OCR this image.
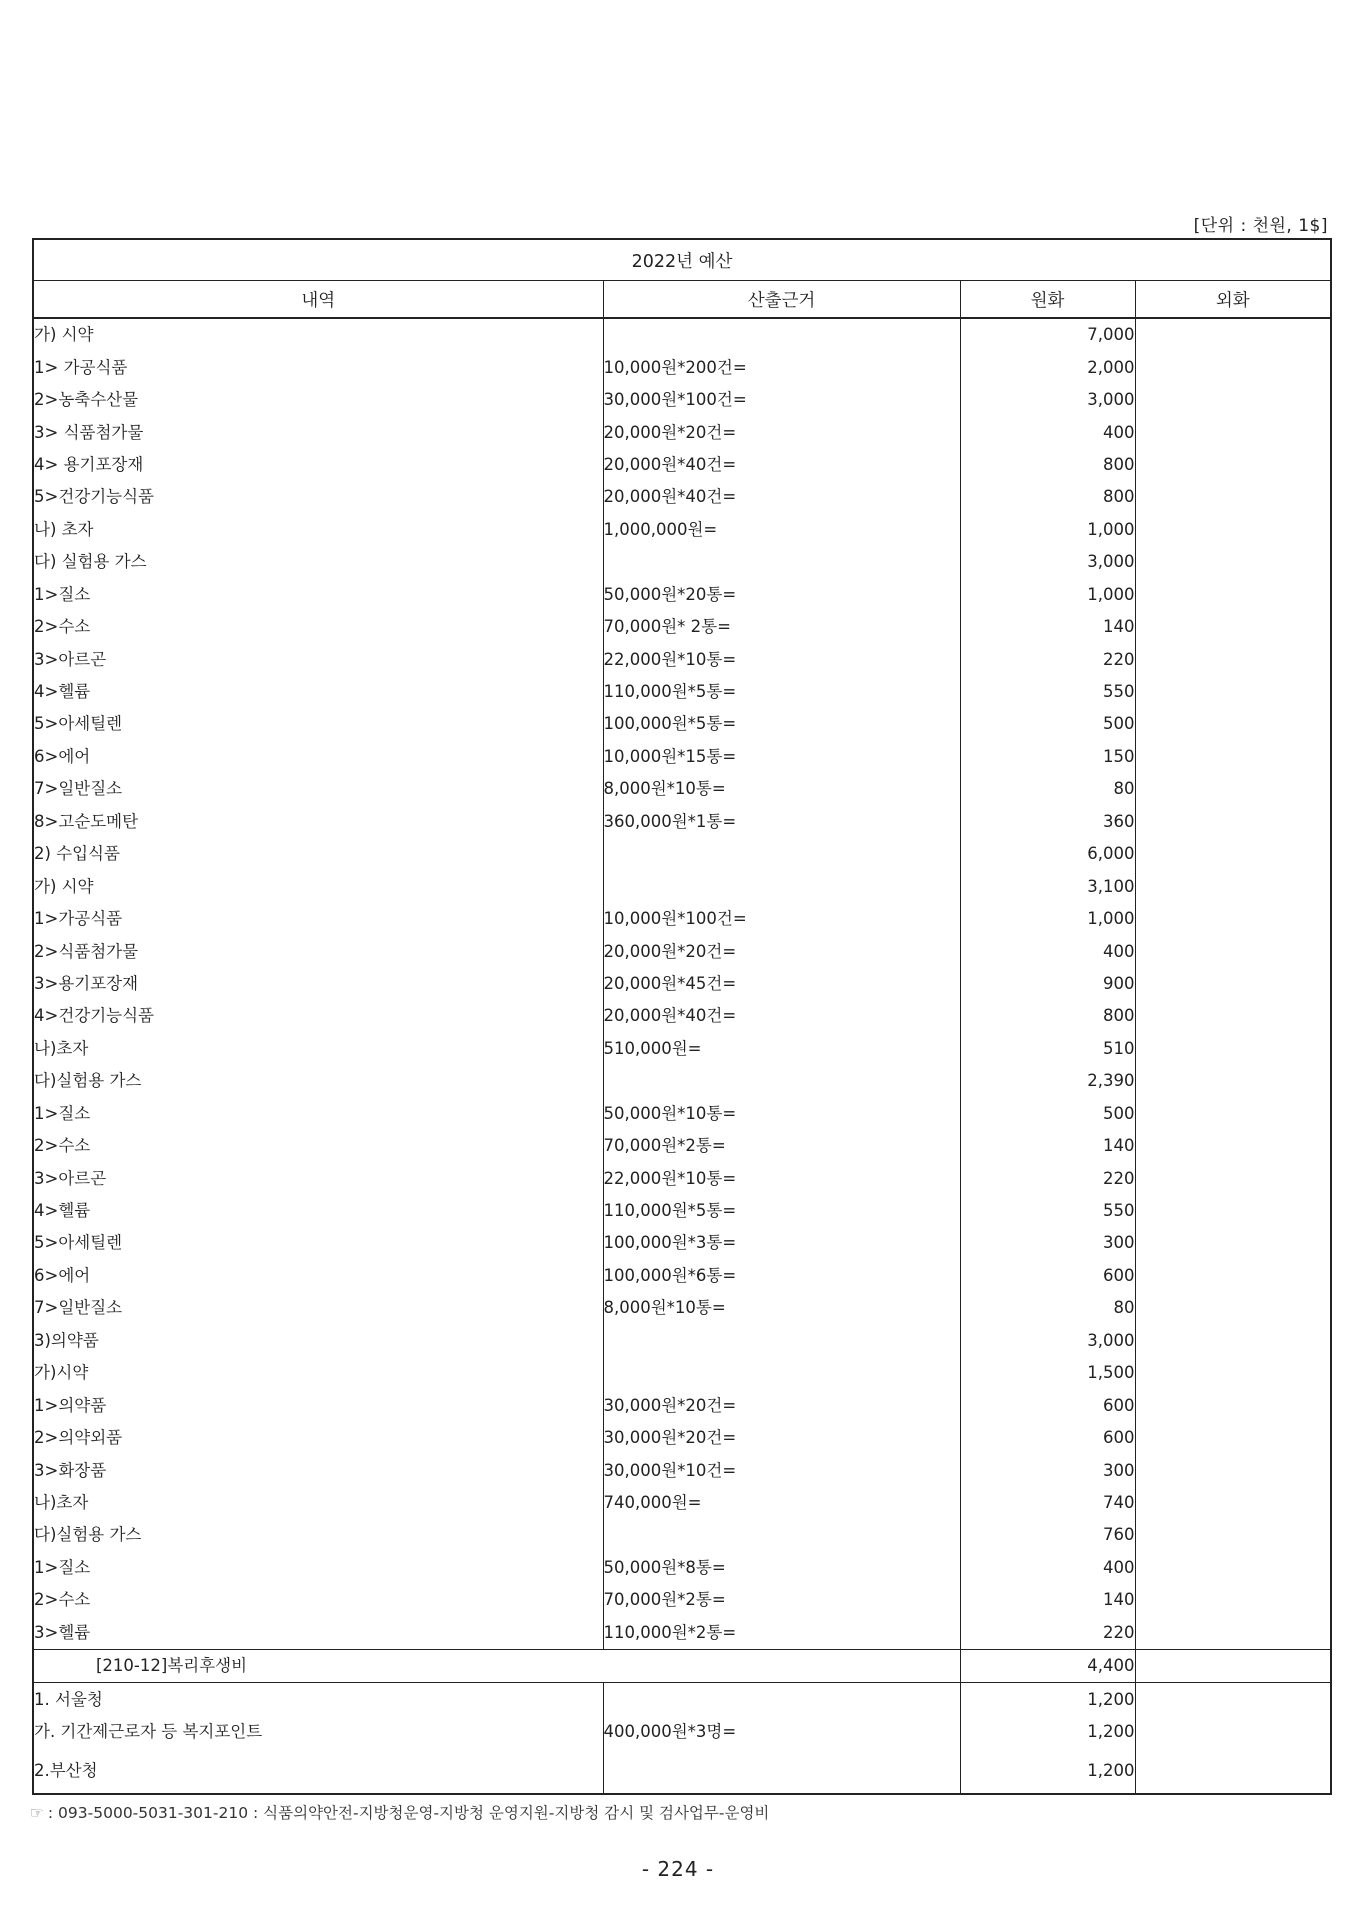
[단위 : 천원, 1$]
2022년 예산			
내역	산출근거	원화	외화
가) 시약		7,000	
1> 가공식품	10,000원*200건=	2,000	
2>농축수산물	30,000원*100건=	3,000	
3> 식품첨가물	20,000원*20건=	400	
4> 용기포장재	20,000원*40건=	800	
5>건강기능식품	20,000원*40건=	800	
나) 초자	1,000,000원=	1,000	
다) 실험용 가스		3,000	
1>질소	50,000원*20통=	1,000	
2>수소	70,000원* 2통=	140	
3>아르곤	22,000원*10통=	220	
4>헬륨	110,000원*5통=	550	
5>아세틸렌	100,000원*5통=	500	
6>에어	10,000원*15통=	150	
7>일반질소	8,000원*10통=	80	
8>고순도메탄	360,000원*1통=	360	
2) 수입식품		6,000	
가) 시약		3,100	
1>가공식품	10,000원*100건=	1,000	
2>식품첨가물	20,000원*20건=	400	
3>용기포장재	20,000원*45건=	900	
4>건강기능식품	20,000원*40건=	800	
나)초자	510,000원=	510	
다)실험용 가스		2,390	
1>질소	50,000원*10통=	500	
2>수소	70,000원*2통=	140	
3>아르곤	22,000원*10통=	220	
4>헬륨	110,000원*5통=	550	
5>아세틸렌	100,000원*3통=	300	
6>에어	100,000원*6통=	600	
7>일반질소	8,000원*10통=	80	
3)의약품		3,000	
가)시약		1,500	
1>의약품	30,000원*20건=	600	
2>의약외품	30,000원*20건=	600	
3>화장품	30,000원*10건=	300	
나)초자	740,000원=	740	
다)실험용 가스		760	
1>질소	50,000원*8통=	400	
2>수소	70,000원*2통=	140	
3>헬륨	110,000원*2통=	220	
[210-12]복리후생비		4,400	
1. 서울청		1,200	
가. 기간제근로자 등 복지포인트	400,000원*3명=	1,200	
2.부산청		1,200	
☞ : 093-5000-5031-301-210 : 식품의약안전-지방청운영-지방청 운영지원-지방청 감시 및 검사업무-운영비
- 224 -
